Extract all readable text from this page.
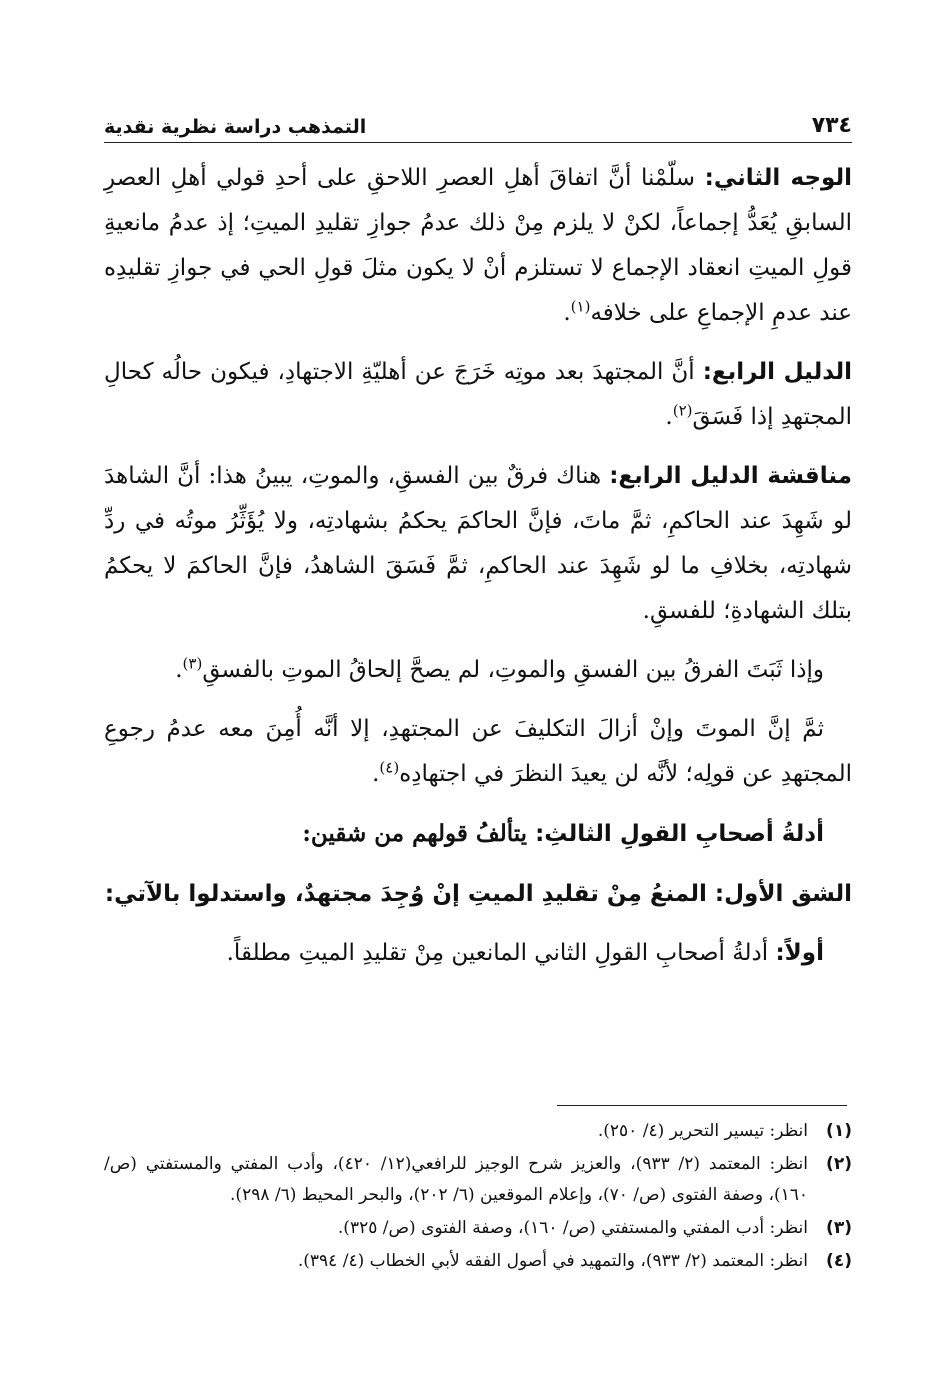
٧٣٤
التمذهب دراسة نظرية نقدية

الوجه الثاني: سلّمْنا أنَّ اتفاقَ أهلِ العصرِ اللاحقِ على أحدِ قولي أهلِ العصرِ السابقِ يُعَدُّ إجماعاً، لكنْ لا يلزم مِنْ ذلك عدمُ جوازِ تقليدِ الميتِ؛ إذ عدمُ مانعيةِ قولِ الميتِ انعقاد الإجماع لا تستلزم أنْ لا يكون مثلَ قولِ الحي في جوازِ تقليدِه عند عدمِ الإجماعِ على خلافه$^{(١)}$.

الدليل الرابع: أنَّ المجتهدَ بعد موتِه خَرَجَ عن أهليّةِ الاجتهادِ، فيكون حالُه كحالِ المجتهدِ إذا فَسَقَ$^{(٢)}$.

مناقشة الدليل الرابع: هناك فرقٌ بين الفسقِ، والموتِ، يبينُ هذا: أنَّ الشاهدَ لو شَهِدَ عند الحاكمِ، ثمَّ ماتَ، فإنَّ الحاكمَ يحكمُ بشهادتِه، ولا يُؤَثِّرُ موتُه في ردِّ شهادتِه، بخلافِ ما لو شَهِدَ عند الحاكمِ، ثمَّ فَسَقَ الشاهدُ، فإنَّ الحاكمَ لا يحكمُ بتلك الشهادةِ؛ للفسقِ.

وإذا ثَبَتَ الفرقُ بين الفسقِ والموتِ، لم يصحَّ إلحاقُ الموتِ بالفسقِ$^{(٣)}$.

ثمَّ إنَّ الموتَ وإنْ أزالَ التكليفَ عن المجتهدِ، إلا أنَّه أُمِنَ معه عدمُ رجوعِ المجتهدِ عن قولِه؛ لأنَّه لن يعيدَ النظرَ في اجتهادِه$^{(٤)}$.

أدلةُ أصحابِ القولِ الثالثِ: يتألفُ قولهم من شقين:

الشق الأول: المنعُ مِنْ تقليدِ الميتِ إنْ وُجِدَ مجتهدٌ، واستدلوا بالآتي:

أولاً: أدلةُ أصحابِ القولِ الثاني المانعين مِنْ تقليدِ الميتِ مطلقاً.

(١)
انظر: تيسير التحرير (٤/ ٢٥٠).
(٢)
انظر: المعتمد (٢/ ٩٣٣)، والعزيز شرح الوجيز للرافعي(١٢/ ٤٢٠)، وأدب المفتي والمستفتي (ص/ ١٦٠)، وصفة الفتوى (ص/ ٧٠)، وإعلام الموقعين (٦/ ٢٠٢)، والبحر المحيط (٦/ ٢٩٨).
(٣)
انظر: أدب المفتي والمستفتي (ص/ ١٦٠)، وصفة الفتوى (ص/ ٣٢٥).
(٤)
انظر: المعتمد (٢/ ٩٣٣)، والتمهيد في أصول الفقه لأبي الخطاب (٤/ ٣٩٤).
